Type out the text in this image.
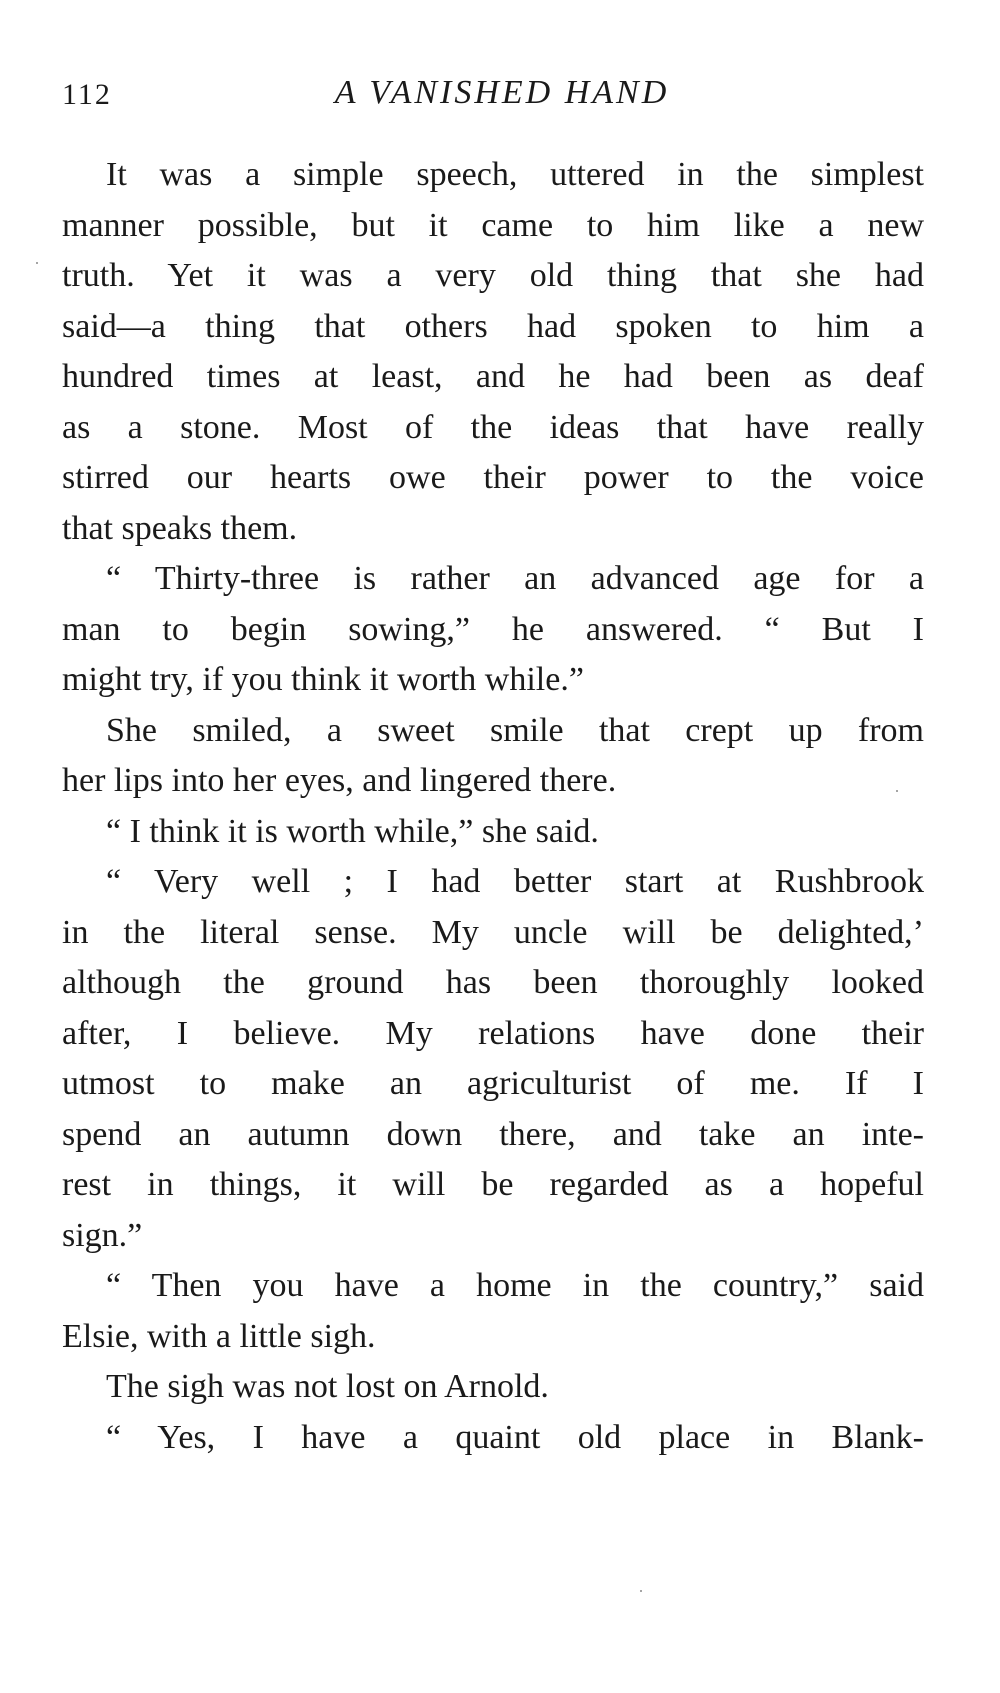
112	A VANISHED HAND
It was a simple speech, uttered in the simplest
manner possible, but it came to him like a new
truth. Yet it was a very old thing that she had
said—a thing that others had spoken to him a
hundred times at least, and he had been as deaf
as a stone. Most of the ideas that have really
stirred our hearts owe their power to the voice
that speaks them.
“ Thirty-three is rather an advanced age for a
man to begin sowing,” he answered. “ But I
might try, if you think it worth while.”
She smiled, a sweet smile that crept up from
her lips into her eyes, and lingered there.
“ I think it is worth while,” she said.
“ Very well ; I had better start at Rushbrook
in the literal sense. My uncle will be delighted,’
although the ground has been thoroughly looked
after, I believe. My relations have done their
utmost to make an agriculturist of me. If I
spend an autumn down there, and take an inte-
rest in things, it will be regarded as a hopeful
sign.”
“ Then you have a home in the country,” said
Elsie, with a little sigh.
The sigh was not lost on Arnold.
“ Yes, I have a quaint old place in Blank-
